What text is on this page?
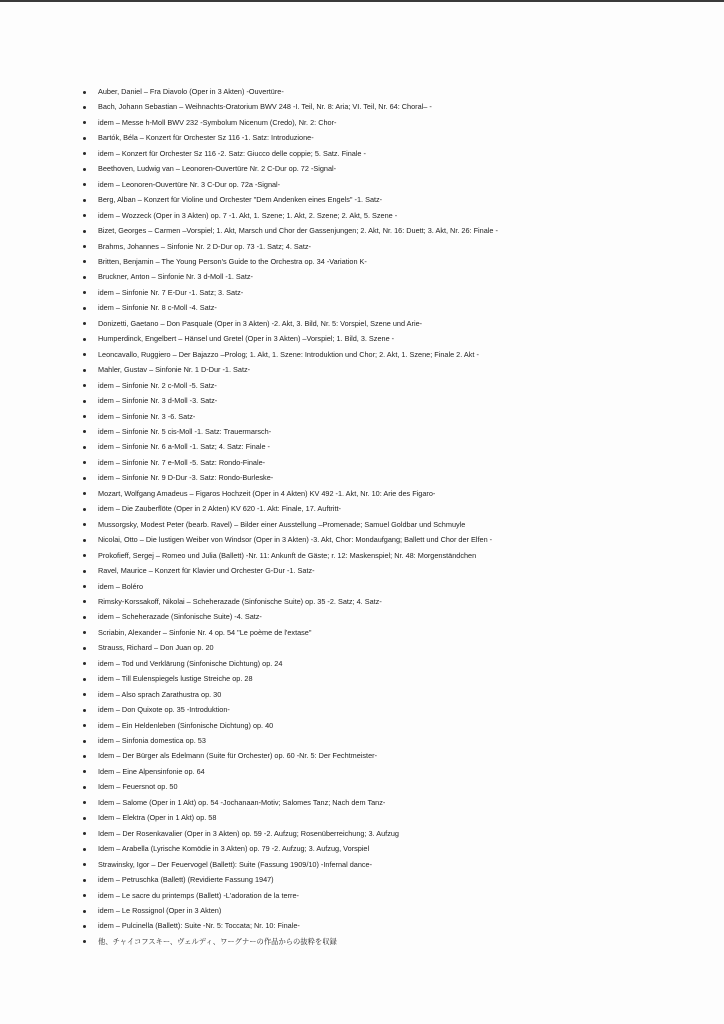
Auber, Daniel – Fra Diavolo (Oper in 3 Akten) -Ouvertüre-
Bach, Johann Sebastian – Weihnachts-Oratorium BWV 248 -I. Teil, Nr. 8: Aria; VI. Teil, Nr. 64: Choral– -
idem – Messe h-Moll BWV 232 -Symbolum Nicenum (Credo), Nr. 2: Chor-
Bartók, Béla – Konzert für Orchester Sz 116 -1. Satz: Introduzione-
idem – Konzert für Orchester Sz 116 -2. Satz: Giucco delle coppie; 5. Satz. Finale -
Beethoven, Ludwig van – Leonoren-Ouvertüre Nr. 2 C-Dur op. 72 -Signal-
idem – Leonoren-Ouvertüre Nr. 3 C-Dur op. 72a -Signal-
Berg, Alban – Konzert für Violine und Orchester "Dem Andenken eines Engels" -1. Satz-
idem – Wozzeck (Oper in 3 Akten) op. 7 -1. Akt, 1. Szene; 1. Akt, 2. Szene; 2. Akt, 5. Szene -
Bizet, Georges – Carmen –Vorspiel; 1. Akt, Marsch und Chor der Gassenjungen; 2. Akt, Nr. 16: Duett; 3. Akt, Nr. 26: Finale -
Brahms, Johannes – Sinfonie Nr. 2 D-Dur op. 73 -1. Satz; 4. Satz-
Britten, Benjamin – The Young Person's Guide to the Orchestra op. 34 -Variation K-
Bruckner, Anton – Sinfonie Nr. 3 d-Moll -1. Satz-
idem – Sinfonie Nr. 7 E-Dur -1. Satz; 3. Satz-
idem – Sinfonie Nr. 8 c-Moll -4. Satz-
Donizetti, Gaetano – Don Pasquale (Oper in 3 Akten) -2. Akt, 3. Bild, Nr. 5: Vorspiel, Szene und Arie-
Humperdinck, Engelbert – Hänsel und Gretel (Oper in 3 Akten) –Vorspiel; 1. Bild, 3. Szene -
Leoncavallo, Ruggiero – Der Bajazzo –Prolog; 1. Akt, 1. Szene: Introduktion und Chor; 2. Akt, 1. Szene; Finale 2. Akt -
Mahler, Gustav – Sinfonie Nr. 1 D-Dur -1. Satz-
idem – Sinfonie Nr. 2 c-Moll -5. Satz-
idem – Sinfonie Nr. 3 d-Moll -3. Satz-
idem – Sinfonie Nr. 3 -6. Satz-
idem – Sinfonie Nr. 5 cis-Moll -1. Satz: Trauermarsch-
idem – Sinfonie Nr. 6 a-Moll -1. Satz; 4. Satz: Finale -
idem – Sinfonie Nr. 7 e-Moll -5. Satz: Rondo-Finale-
idem – Sinfonie Nr. 9 D-Dur -3. Satz: Rondo-Burleske-
Mozart, Wolfgang Amadeus – Figaros Hochzeit (Oper in 4 Akten) KV 492 -1. Akt, Nr. 10: Arie des Figaro-
idem – Die Zauberflöte (Oper in 2 Akten) KV 620 -1. Akt: Finale, 17. Auftritt-
Mussorgsky, Modest Peter (bearb. Ravel) – Bilder einer Ausstellung –Promenade; Samuel Goldbar und Schmuyle
Nicolai, Otto – Die lustigen Weiber von Windsor (Oper in 3 Akten) -3. Akt, Chor: Mondaufgang; Ballett und Chor der Elfen -
Prokofieff, Sergej – Romeo und Julia (Ballett) -Nr. 11: Ankunft de Gäste; r. 12: Maskenspiel; Nr. 48: Morgenständchen
Ravel, Maurice – Konzert für Klavier und Orchester G-Dur -1. Satz-
idem – Boléro
Rimsky-Korssakoff, Nikolai – Scheherazade (Sinfonische Suite) op. 35 -2. Satz; 4. Satz-
idem – Scheherazade (Sinfonische Suite) -4. Satz-
Scriabin, Alexander – Sinfonie Nr. 4 op. 54 "Le poème de l'extase"
Strauss, Richard – Don Juan op. 20
idem – Tod und Verklärung (Sinfonische Dichtung) op. 24
idem – Till Eulenspiegels lustige Streiche op. 28
idem – Also sprach Zarathustra op. 30
idem – Don Quixote op. 35 -Introduktion-
idem – Ein Heldenleben (Sinfonische Dichtung) op. 40
idem – Sinfonia domestica op. 53
Idem – Der Bürger als Edelmann (Suite für Orchester) op. 60 -Nr. 5: Der Fechtmeister-
Idem – Eine Alpensinfonie op. 64
Idem – Feuersnot op. 50
Idem – Salome (Oper in 1 Akt) op. 54 -Jochanaan-Motiv; Salomes Tanz; Nach dem Tanz-
Idem – Elektra (Oper in 1 Akt) op. 58
Idem – Der Rosenkavalier (Oper in 3 Akten) op. 59 -2. Aufzug; Rosenüberreichung; 3. Aufzug
Idem – Arabella (Lyrische Komödie in 3 Akten) op. 79 -2. Aufzug; 3. Aufzug, Vorspiel
Strawinsky, Igor – Der Feuervogel (Ballett): Suite (Fassung 1909/10) -Infernal dance-
idem – Petruschka (Ballett) (Revidierte Fassung 1947)
idem – Le sacre du printemps (Ballett) -L'adoration de la terre-
idem – Le Rossignol (Oper in 3 Akten)
idem – Pulcinella (Ballett): Suite -Nr. 5: Toccata; Nr. 10: Finale-
他、チャイコフスキー、ヴェルディ、ワーグナーの作品からの抜粋を収録
